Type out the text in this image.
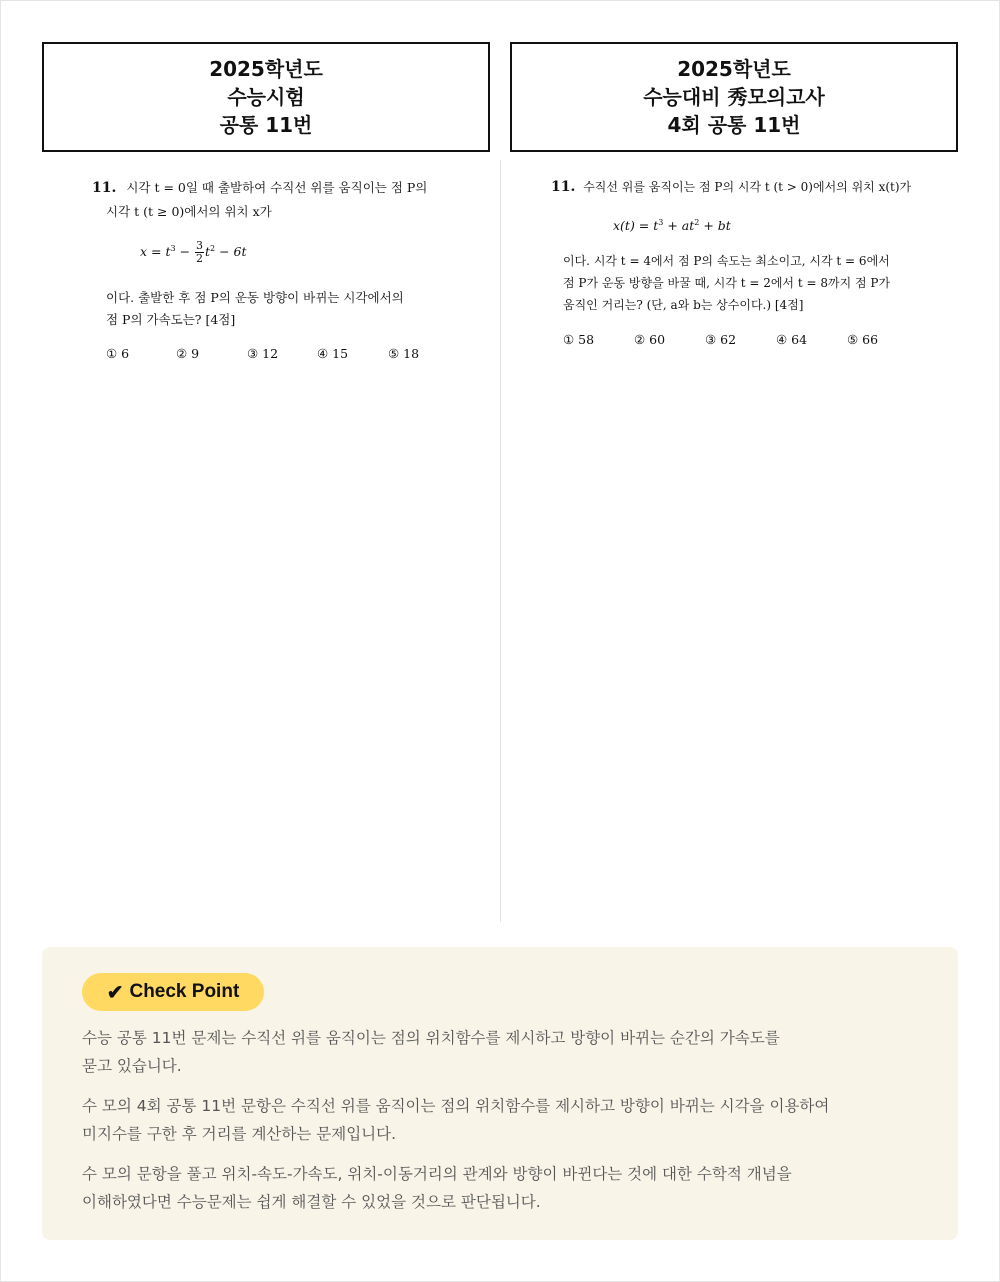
2025학년도
수능시험
공통 11번
2025학년도
수능대비 秀모의고사
4회 공통 11번
11. 시각 t = 0일 때 출발하여 수직선 위를 움직이는 점 P의
시각 t (t ≥ 0)에서의 위치 x가
$x = t^3 - \frac{3}{2} t^2 - 6t$
이다. 출발한 후 점 P의 운동 방향이 바뀌는 시각에서의
점 P의 가속도는? [4점]
① 6	② 9	③ 12	④ 15	⑤ 18
11. 수직선 위를 움직이는 점 P의 시각 t (t > 0)에서의 위치 x(t)가
$x(t) = t^3 + at^2$ + bt
이다. 시각 t = 4에서 점 P의 속도는 최소이고, 시각 t = 6에서
점 P가 운동 방향을 바꿀 때, 시각 t = 2에서 t = 8까지 점 P가
움직인 거리는? (단, a와 b는 상수이다.) [4점]
① 58	② 60	③ 62	④ 64	⑤ 66
✔ Check Point
수능 공통 11번 문제는 수직선 위를 움직이는 점의 위치함수를 제시하고 방향이 바뀌는 순간의 가속도를
묻고 있습니다.
수 모의 4회 공통 11번 문항은 수직선 위를 움직이는 점의 위치함수를 제시하고 방향이 바뀌는 시각을 이용하여
미지수를 구한 후 거리를 계산하는 문제입니다.
수 모의 문항을 풀고 위치-속도-가속도, 위치-이동거리의 관계와 방향이 바뀐다는 것에 대한 수학적 개념을
이해하였다면 수능문제는 쉽게 해결할 수 있었을 것으로 판단됩니다.
